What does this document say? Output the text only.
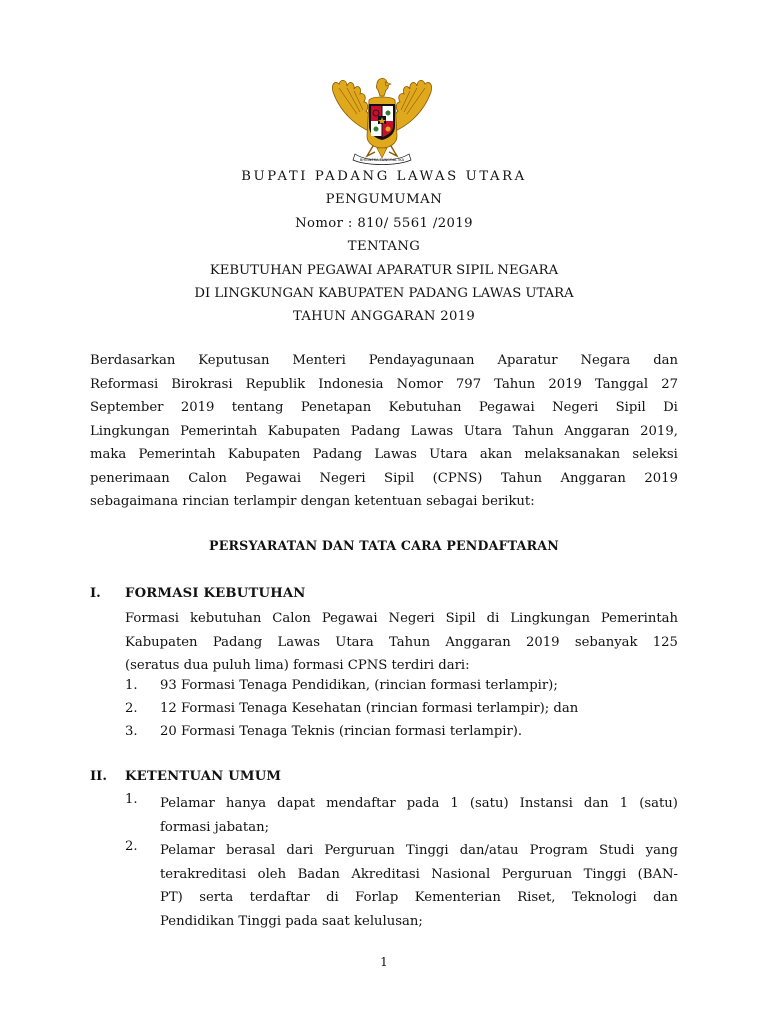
BHINNEKA TUNGGAL IKA
BUPATI PADANG LAWAS UTARA
PENGUMUMAN
Nomor : 810/ 5561 /2019
TENTANG
KEBUTUHAN PEGAWAI APARATUR SIPIL NEGARA
DI LINGKUNGAN KABUPATEN PADANG LAWAS UTARA
TAHUN ANGGARAN 2019
Berdasarkan Keputusan Menteri Pendayagunaan Aparatur Negara dan
Reformasi Birokrasi Republik Indonesia Nomor 797 Tahun 2019 Tanggal 27
September 2019 tentang Penetapan Kebutuhan Pegawai Negeri Sipil Di
Lingkungan Pemerintah Kabupaten Padang Lawas Utara Tahun Anggaran 2019,
maka Pemerintah Kabupaten Padang Lawas Utara akan melaksanakan seleksi
penerimaan Calon Pegawai Negeri Sipil (CPNS) Tahun Anggaran 2019
sebagaimana rincian terlampir dengan ketentuan sebagai berikut:
PERSYARATAN DAN TATA CARA PENDAFTARAN
I. FORMASI KEBUTUHAN
Formasi kebutuhan Calon Pegawai Negeri Sipil di Lingkungan Pemerintah
Kabupaten Padang Lawas Utara Tahun Anggaran 2019 sebanyak 125
(seratus dua puluh lima) formasi CPNS terdiri dari:
1. 93 Formasi Tenaga Pendidikan, (rincian formasi terlampir);
2. 12 Formasi Tenaga Kesehatan (rincian formasi terlampir); dan
3. 20 Formasi Tenaga Teknis (rincian formasi terlampir).
II. KETENTUAN UMUM
1. Pelamar hanya dapat mendaftar pada 1 (satu) Instansi dan 1 (satu)
formasi jabatan;
2. Pelamar berasal dari Perguruan Tinggi dan/atau Program Studi yang
terakreditasi oleh Badan Akreditasi Nasional Perguruan Tinggi (BAN-
PT) serta terdaftar di Forlap Kementerian Riset, Teknologi dan
Pendidikan Tinggi pada saat kelulusan;
1
